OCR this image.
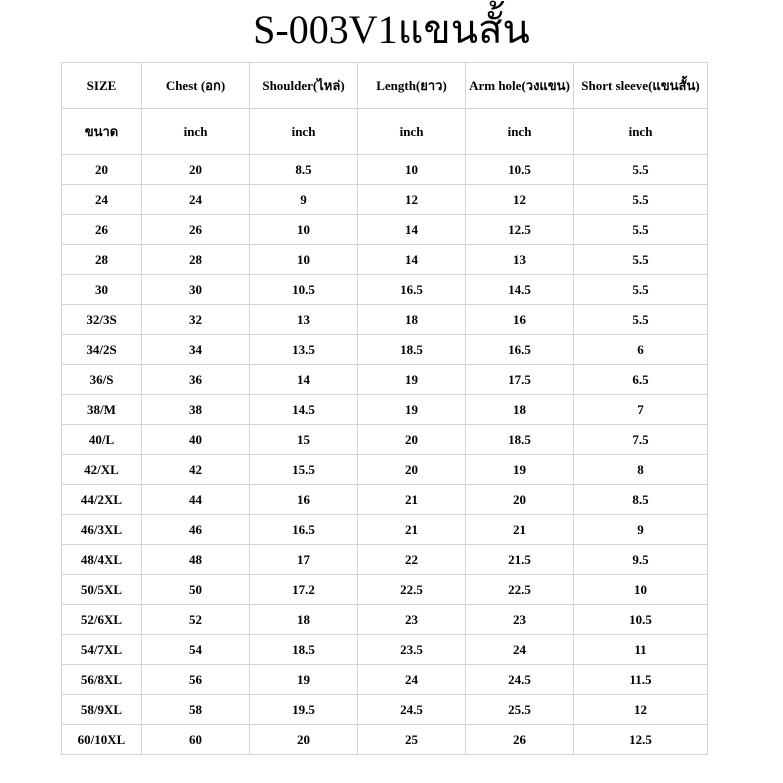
S-003V1แขนสั้น
SIZE	Chest (อก)	Shoulder(ไหล่)	Length(ยาว)	Arm hole(วงแขน)	Short sleeve(แขนสั้น)
ขนาด	inch	inch	inch	inch	inch
20	20	8.5	10	10.5	5.5
24	24	9	12	12	5.5
26	26	10	14	12.5	5.5
28	28	10	14	13	5.5
30	30	10.5	16.5	14.5	5.5
32/3S	32	13	18	16	5.5
34/2S	34	13.5	18.5	16.5	6
36/S	36	14	19	17.5	6.5
38/M	38	14.5	19	18	7
40/L	40	15	20	18.5	7.5
42/XL	42	15.5	20	19	8
44/2XL	44	16	21	20	8.5
46/3XL	46	16.5	21	21	9
48/4XL	48	17	22	21.5	9.5
50/5XL	50	17.2	22.5	22.5	10
52/6XL	52	18	23	23	10.5
54/7XL	54	18.5	23.5	24	11
56/8XL	56	19	24	24.5	11.5
58/9XL	58	19.5	24.5	25.5	12
60/10XL	60	20	25	26	12.5
